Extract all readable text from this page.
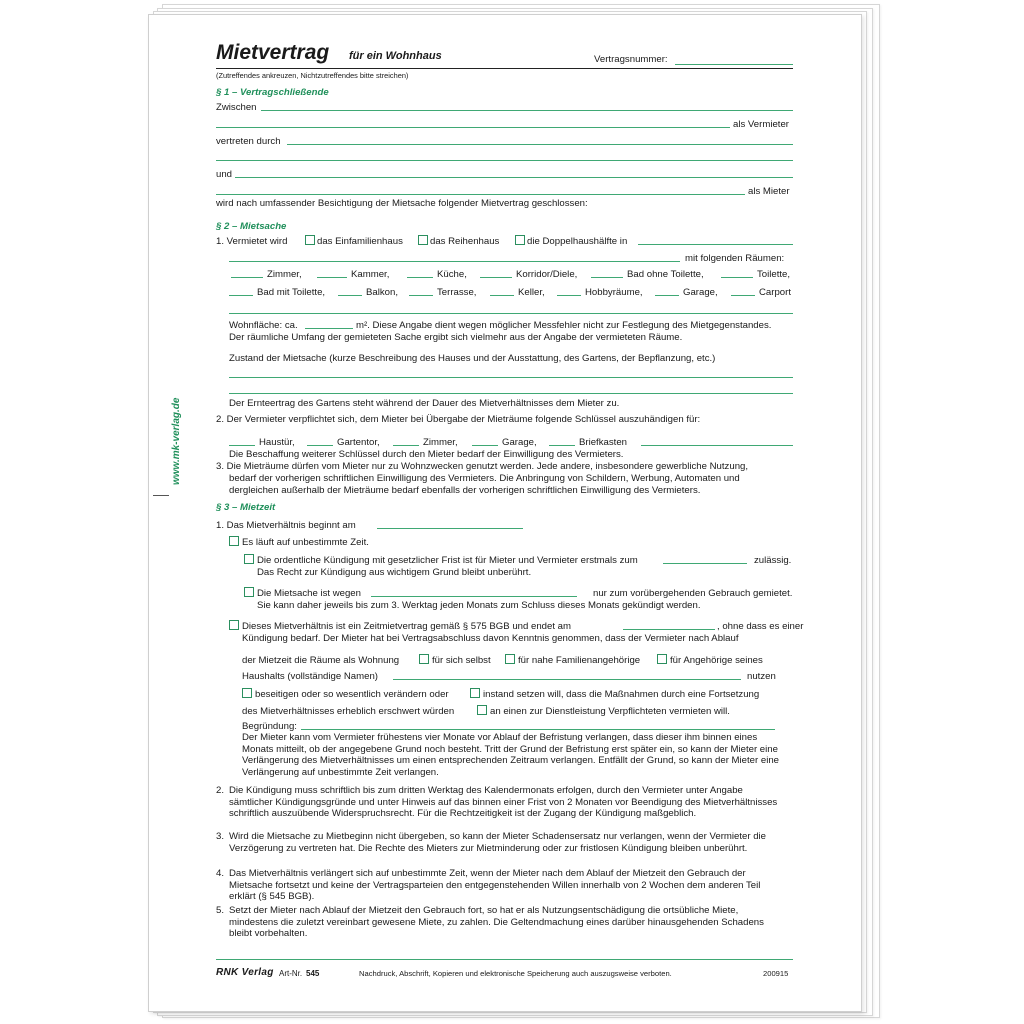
www.mk-verlag.de
Mietvertrag für ein Wohnhaus	Vertragsnummer:
(Zutreffendes ankreuzen, Nichtzutreffendes bitte streichen)
§ 1 – Vertragschließende
Zwischen
als Vermieter
vertreten durch
und
als Mieter
wird nach umfassender Besichtigung der Mietsache folgender Mietvertrag geschlossen:
§ 2 – Mietsache
1. Vermietet wird	das Einfamilienhaus	das Reihenhaus	die Doppelhaushälfte in
mit folgenden Räumen:
Zimmer,	Kammer,	Küche,	Korridor/Diele,	Bad ohne Toilette,	Toilette,
Bad mit Toilette,	Balkon,	Terrasse,	Keller,	Hobbyräume,	Garage,	Carport
Wohnfläche: ca.	m². Diese Angabe dient wegen möglicher Messfehler nicht zur Festlegung des Mietgegenstandes.
Der räumliche Umfang der gemieteten Sache ergibt sich vielmehr aus der Angabe der vermieteten Räume.
Zustand der Mietsache (kurze Beschreibung des Hauses und der Ausstattung, des Gartens, der Bepflanzung, etc.)
Der Ernteertrag des Gartens steht während der Dauer des Mietverhältnisses dem Mieter zu.
2. Der Vermieter verpflichtet sich, dem Mieter bei Übergabe der Mieträume folgende Schlüssel auszuhändigen für:
Haustür,	Gartentor,	Zimmer,	Garage,	Briefkasten
Die Beschaffung weiterer Schlüssel durch den Mieter bedarf der Einwilligung des Vermieters.
3. Die Mieträume dürfen vom Mieter nur zu Wohnzwecken genutzt werden. Jede andere, insbesondere gewerbliche Nutzung,
bedarf der vorherigen schriftlichen Einwilligung des Vermieters. Die Anbringung von Schildern, Werbung, Automaten und
dergleichen außerhalb der Mieträume bedarf ebenfalls der vorherigen schriftlichen Einwilligung des Vermieters.
§ 3 – Mietzeit
1. Das Mietverhältnis beginnt am
Es läuft auf unbestimmte Zeit.
Die ordentliche Kündigung mit gesetzlicher Frist ist für Mieter und Vermieter erstmals zum	zulässig.
Das Recht zur Kündigung aus wichtigem Grund bleibt unberührt.
Die Mietsache ist wegen	nur zum vorübergehenden Gebrauch gemietet.
Sie kann daher jeweils bis zum 3. Werktag jeden Monats zum Schluss dieses Monats gekündigt werden.
Dieses Mietverhältnis ist ein Zeitmietvertrag gemäß § 575 BGB und endet am	, ohne dass es einer
Kündigung bedarf. Der Mieter hat bei Vertragsabschluss davon Kenntnis genommen, dass der Vermieter nach Ablauf
der Mietzeit die Räume als Wohnung	für sich selbst	für nahe Familienangehörige	für Angehörige seines
Haushalts (vollständige Namen)	nutzen
beseitigen oder so wesentlich verändern oder	instand setzen will, dass die Maßnahmen durch eine Fortsetzung
des Mietverhältnisses erheblich erschwert würden	an einen zur Dienstleistung Verpflichteten vermieten will.
Begründung:
Der Mieter kann vom Vermieter frühestens vier Monate vor Ablauf der Befristung verlangen, dass dieser ihm binnen eines Monats mitteilt, ob der angegebene Grund noch besteht. Tritt der Grund der Befristung erst später ein, so kann der Mieter eine Verlängerung des Mietverhältnisses um einen entsprechenden Zeitraum verlangen. Entfällt der Grund, so kann der Mieter eine Verlängerung auf unbestimmte Zeit verlangen.
2. Die Kündigung muss schriftlich bis zum dritten Werktag des Kalendermonats erfolgen, durch den Vermieter unter Angabe sämtlicher Kündigungsgründe und unter Hinweis auf das binnen einer Frist von 2 Monaten vor Beendigung des Mietverhältnisses schriftlich auszuübende Widerspruchsrecht. Für die Rechtzeitigkeit ist der Zugang der Kündigung maßgeblich.
3. Wird die Mietsache zu Mietbeginn nicht übergeben, so kann der Mieter Schadensersatz nur verlangen, wenn der Vermieter die Verzögerung zu vertreten hat. Die Rechte des Mieters zur Mietminderung oder zur fristlosen Kündigung bleiben unberührt.
4. Das Mietverhältnis verlängert sich auf unbestimmte Zeit, wenn der Mieter nach dem Ablauf der Mietzeit den Gebrauch der Mietsache fortsetzt und keine der Vertragsparteien den entgegenstehenden Willen innerhalb von 2 Wochen dem anderen Teil erklärt (§ 545 BGB).
5. Setzt der Mieter nach Ablauf der Mietzeit den Gebrauch fort, so hat er als Nutzungsentschädigung die ortsübliche Miete, mindestens die zuletzt vereinbart gewesene Miete, zu zahlen. Die Geltendmachung eines darüber hinausgehenden Schadens bleibt vorbehalten.
RNK Verlag Art-Nr. 545	Nachdruck, Abschrift, Kopieren und elektronische Speicherung auch auszugsweise verboten.	200915
